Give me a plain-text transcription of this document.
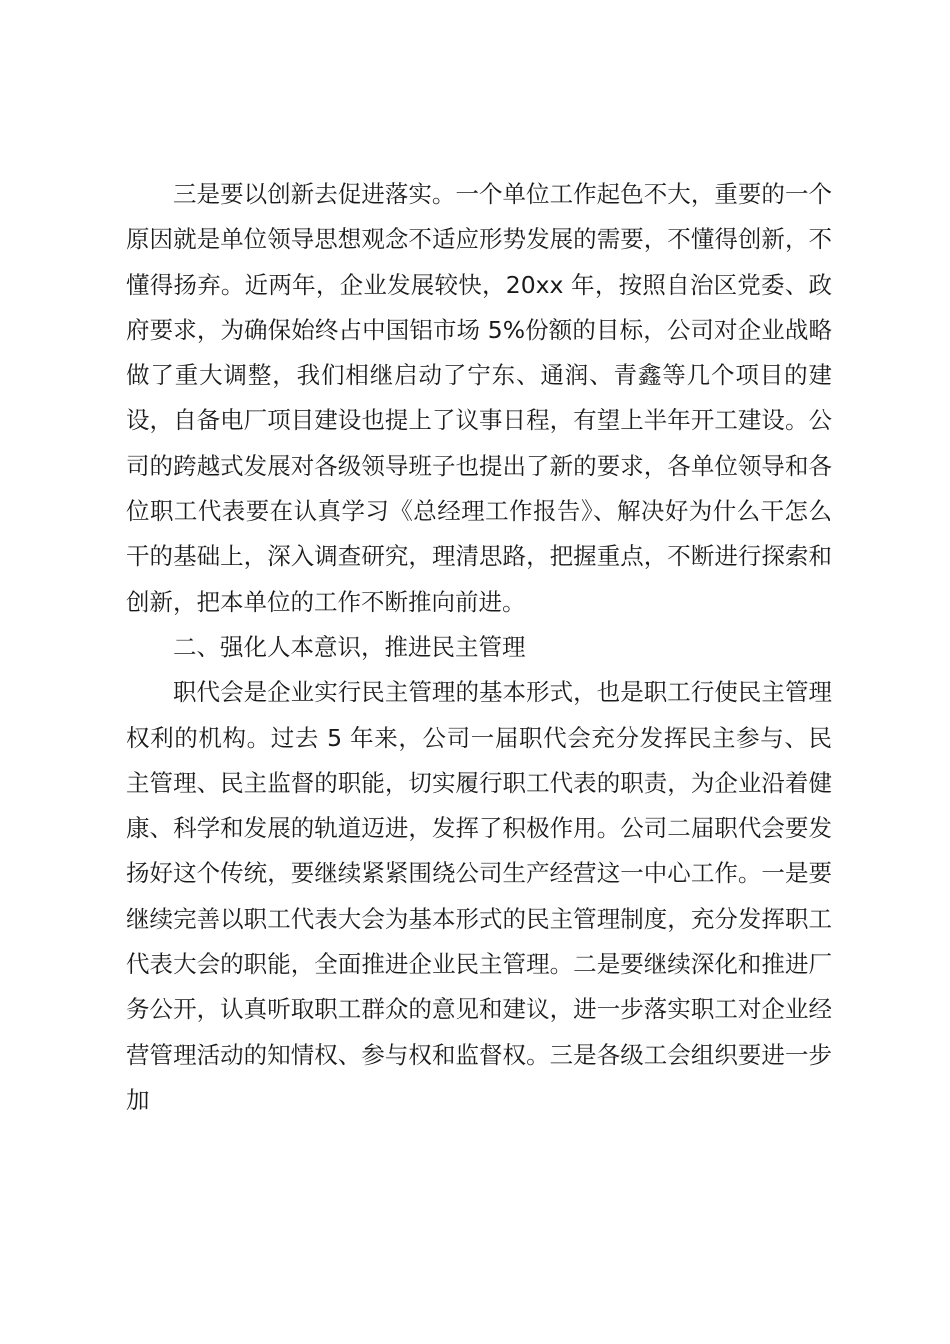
三是要以创新去促进落实。一个单位工作起色不大，重要的一个原因就是单位领导思想观念不适应形势发展的需要，不懂得创新，不懂得扬弃。近两年，企业发展较快，20xx 年，按照自治区党委、政府要求，为确保始终占中国铝市场 5%份额的目标，公司对企业战略做了重大调整，我们相继启动了宁东、通润、青鑫等几个项目的建设，自备电厂项目建设也提上了议事日程，有望上半年开工建设。公司的跨越式发展对各级领导班子也提出了新的要求，各单位领导和各位职工代表要在认真学习《总经理工作报告》、解决好为什么干怎么干的基础上，深入调查研究，理清思路，把握重点，不断进行探索和创新，把本单位的工作不断推向前进。

二、强化人本意识，推进民主管理

职代会是企业实行民主管理的基本形式，也是职工行使民主管理权利的机构。过去 5 年来，公司一届职代会充分发挥民主参与、民主管理、民主监督的职能，切实履行职工代表的职责，为企业沿着健康、科学和发展的轨道迈进，发挥了积极作用。公司二届职代会要发扬好这个传统，要继续紧紧围绕公司生产经营这一中心工作。一是要继续完善以职工代表大会为基本形式的民主管理制度，充分发挥职工代表大会的职能，全面推进企业民主管理。二是要继续深化和推进厂务公开，认真听取职工群众的意见和建议，进一步落实职工对企业经营管理活动的知情权、参与权和监督权。三是各级工会组织要进一步加
